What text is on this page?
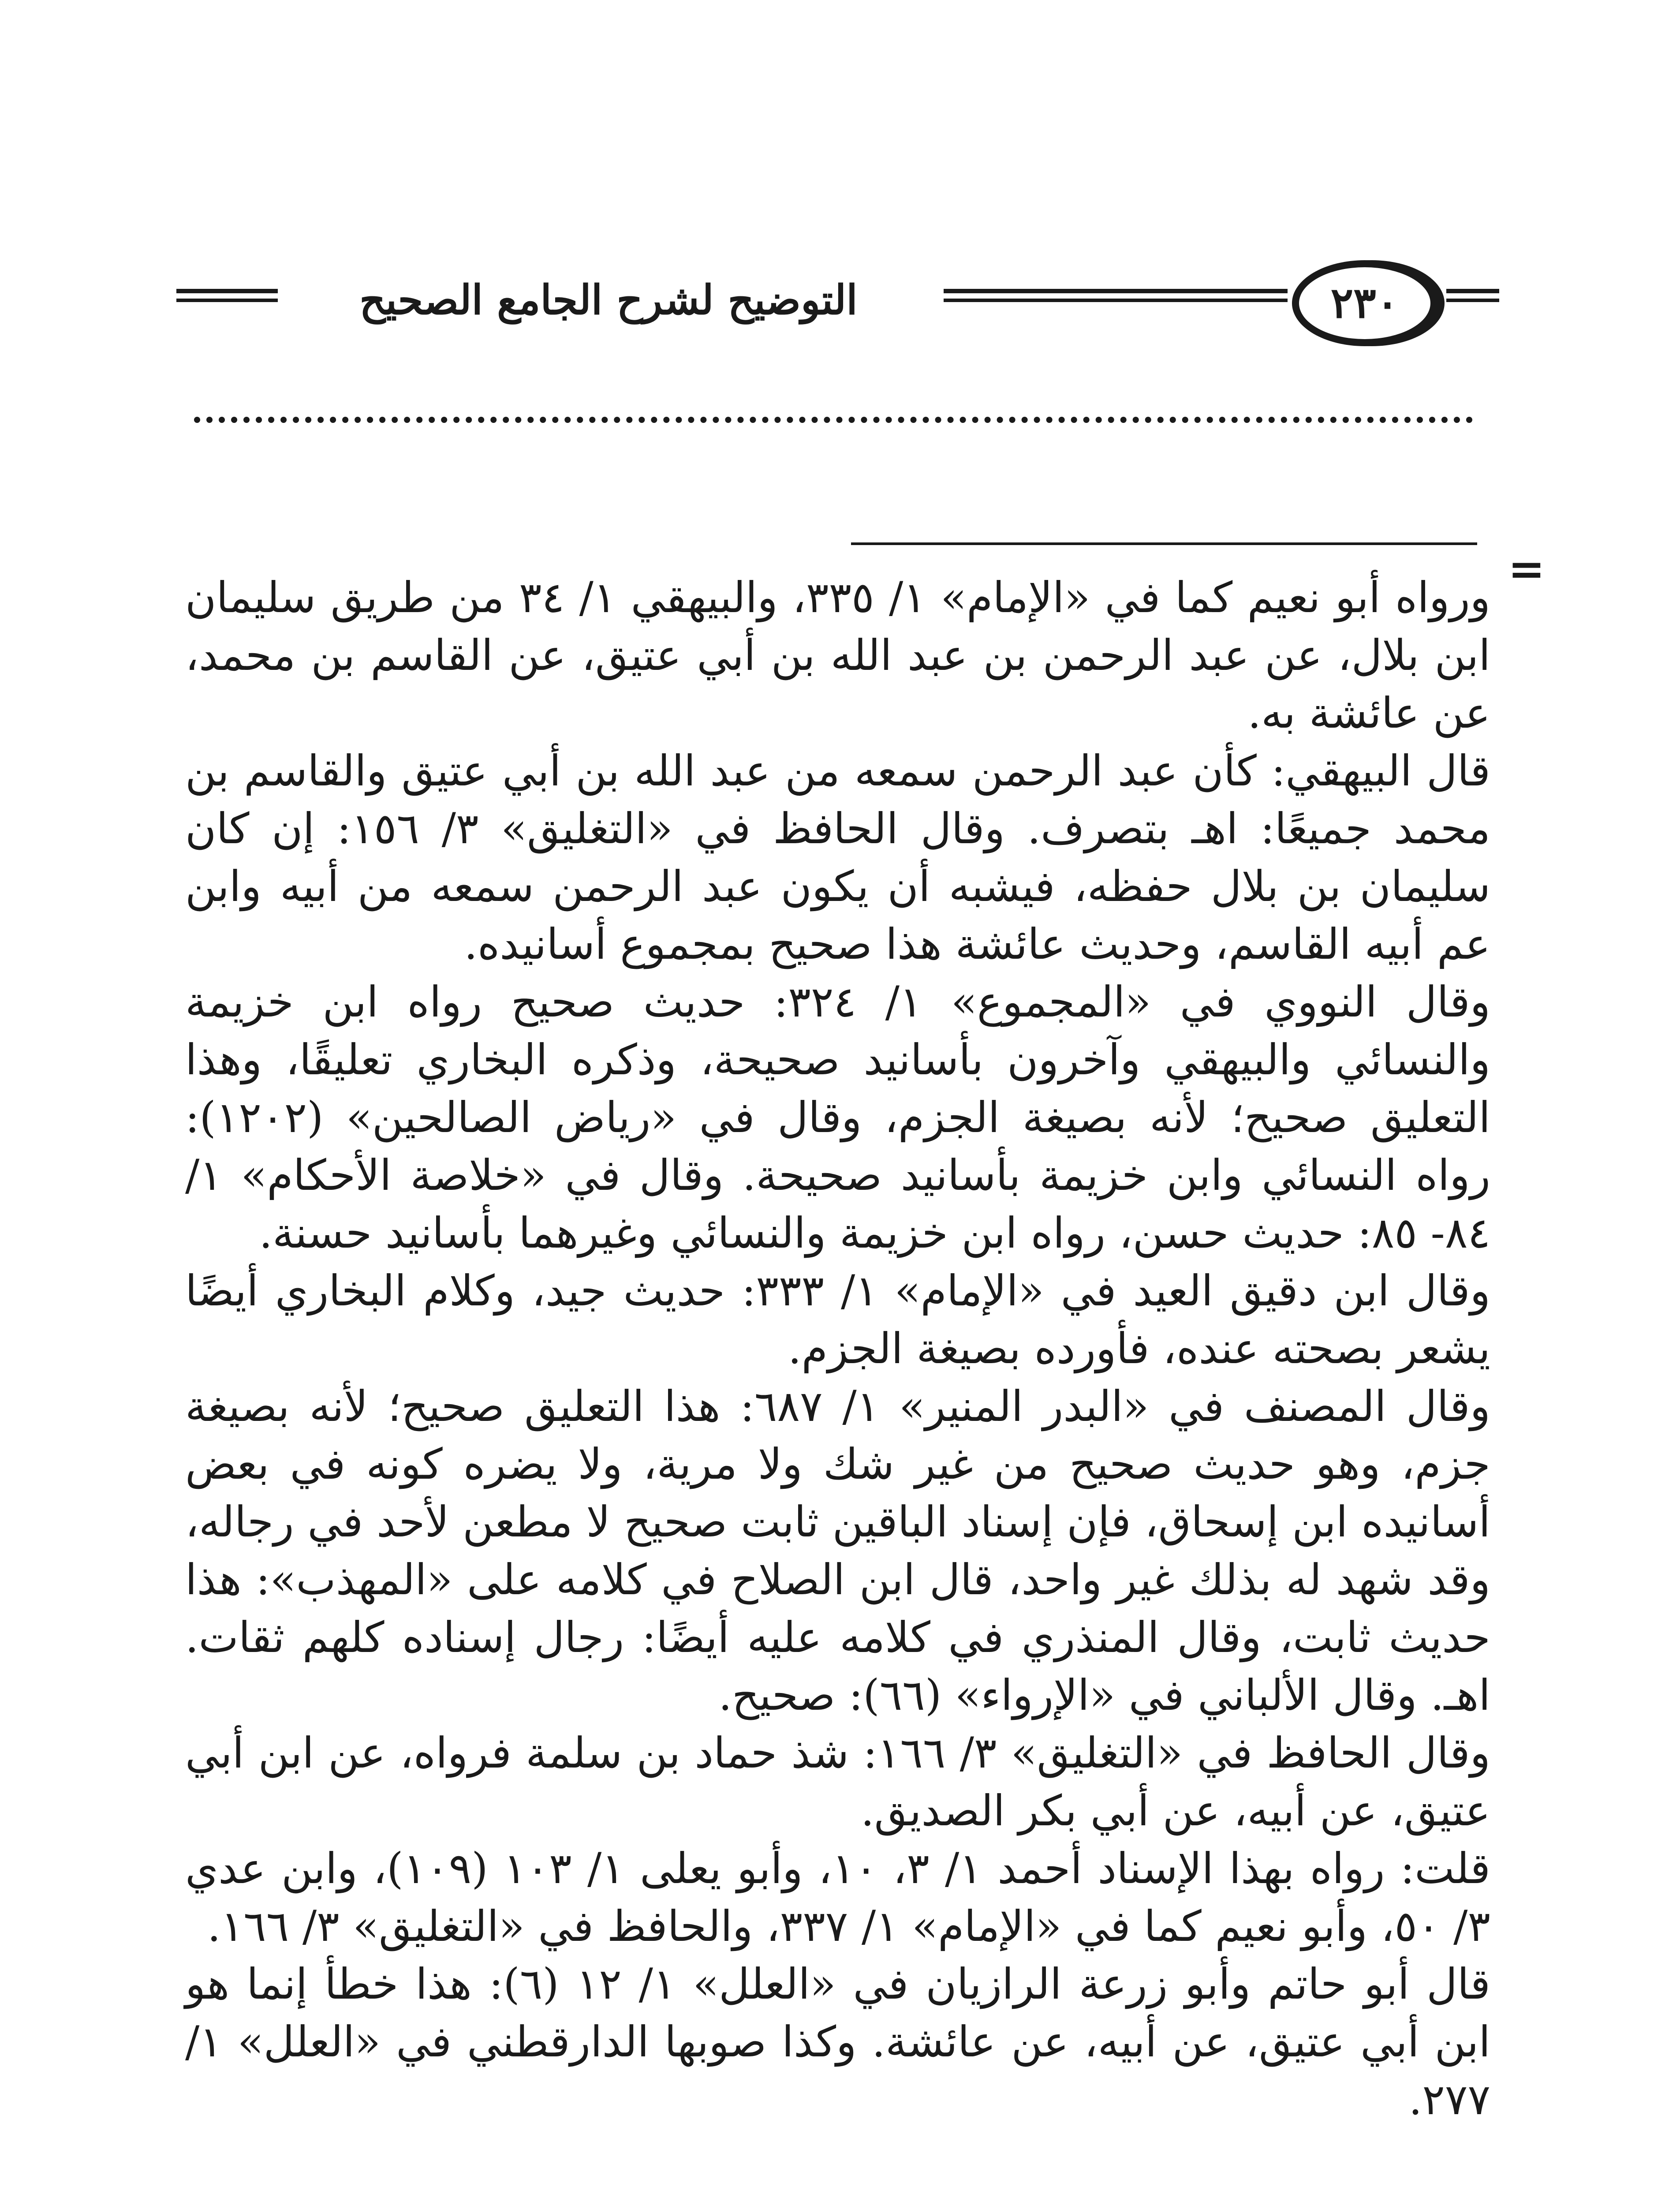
التوضيح لشرح الجامع الصحيح	٢٣٠
=

ورواه أبو نعيم كما في «الإمام» ١/ ٣٣٥، والبيهقي ١/ ٣٤ من طريق سليمان ابن بلال، عن عبد الرحمن بن عبد الله بن أبي عتيق، عن القاسم بن محمد، عن عائشة به.

قال البيهقي: كأن عبد الرحمن سمعه من عبد الله بن أبي عتيق والقاسم بن محمد جميعًا: اهـ بتصرف. وقال الحافظ في «التغليق» ٣/ ١٥٦: إن كان سليمان بن بلال حفظه، فيشبه أن يكون عبد الرحمن سمعه من أبيه وابن عم أبيه القاسم، وحديث عائشة هذا صحيح بمجموع أسانيده.

وقال النووي في «المجموع» ١/ ٣٢٤: حديث صحيح رواه ابن خزيمة والنسائي والبيهقي وآخرون بأسانيد صحيحة، وذكره البخاري تعليقًا، وهذا التعليق صحيح؛ لأنه بصيغة الجزم، وقال في «رياض الصالحين» (١٢٠٢): رواه النسائي وابن خزيمة بأسانيد صحيحة. وقال في «خلاصة الأحكام» ١/ ٨٤- ٨٥: حديث حسن، رواه ابن خزيمة والنسائي وغيرهما بأسانيد حسنة.

وقال ابن دقيق العيد في «الإمام» ١/ ٣٣٣: حديث جيد، وكلام البخاري أيضًا يشعر بصحته عنده، فأورده بصيغة الجزم.

وقال المصنف في «البدر المنير» ١/ ٦٨٧: هذا التعليق صحيح؛ لأنه بصيغة جزم، وهو حديث صحيح من غير شك ولا مرية، ولا يضره كونه في بعض أسانيده ابن إسحاق، فإن إسناد الباقين ثابت صحيح لا مطعن لأحد في رجاله، وقد شهد له بذلك غير واحد، قال ابن الصلاح في كلامه على «المهذب»: هذا حديث ثابت، وقال المنذري في كلامه عليه أيضًا: رجال إسناده كلهم ثقات. اهـ. وقال الألباني في «الإرواء» (٦٦): صحيح.

وقال الحافظ في «التغليق» ٣/ ١٦٦: شذ حماد بن سلمة فرواه، عن ابن أبي عتيق، عن أبيه، عن أبي بكر الصديق.

قلت: رواه بهذا الإسناد أحمد ١/ ٣، ١٠، وأبو يعلى ١/ ١٠٣ (١٠٩)، وابن عدي ٣/ ٥٠، وأبو نعيم كما في «الإمام» ١/ ٣٣٧، والحافظ في «التغليق» ٣/ ١٦٦.

قال أبو حاتم وأبو زرعة الرازيان في «العلل» ١/ ١٢ (٦): هذا خطأ إنما هو ابن أبي عتيق، عن أبيه، عن عائشة. وكذا صوبها الدارقطني في «العلل» ١/ ٢٧٧.
